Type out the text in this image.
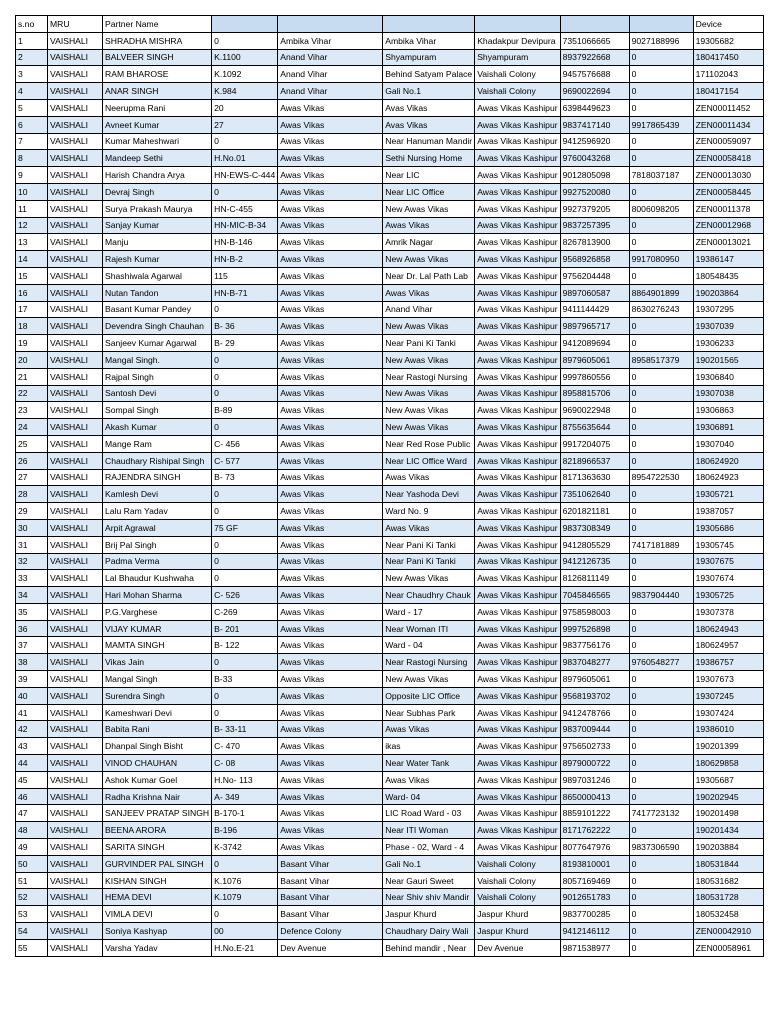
s.no	MRU	Partner Name							Device
1	VAISHALI	SHRADHA MISHRA	0	Ambika Vihar	Ambika Vihar	Khadakpur Devipura	7351066665	9027188996	19305682
2	VAISHALI	BALVEER SINGH	K.1100	Anand Vihar	Shyampuram	Shyampuram	8937922668	0	180417450
3	VAISHALI	RAM BHAROSE	K.1092	Anand Vihar	Behind Satyam Palace	Vaishali Colony	9457576688	0	171102043
4	VAISHALI	ANAR SINGH	K.984	Anand Vihar	Gali No.1	Vaishali Colony	9690022694	0	180417154
5	VAISHALI	Neerupma Rani	20	Awas Vikas	Avas Vikas	Awas Vikas Kashipur	6398449623	0	ZEN00011452
6	VAISHALI	Avneet Kumar	27	Awas Vikas	Avas Vikas	Awas Vikas Kashipur	9837417140	9917865439	ZEN00011434
7	VAISHALI	Kumar Maheshwari	0	Awas Vikas	Near Hanuman Mandir	Awas Vikas Kashipur	9412596920	0	ZEN00059097
8	VAISHALI	Mandeep Sethi	H.No.01	Awas Vikas	Sethi Nursing Home	Awas Vikas Kashipur	9760043268	0	ZEN00058418
9	VAISHALI	Harish Chandra Arya	HN-EWS-C-444	Awas Vikas	Near LIC	Awas Vikas Kashipur	9012805098	7818037187	ZEN00013030
10	VAISHALI	Devraj Singh	0	Awas Vikas	Near LIC Office	Awas Vikas Kashipur	9927520080	0	ZEN00058445
11	VAISHALI	Surya Prakash Maurya	HN-C-455	Awas Vikas	New Awas Vikas	Awas Vikas Kashipur	9927379205	8006098205	ZEN00011378
12	VAISHALI	Sanjay Kumar	HN-MIC-B-34	Awas Vikas	Awas Vikas	Awas Vikas Kashipur	9837257395	0	ZEN00012968
13	VAISHALI	Manju	HN-B-146	Awas Vikas	Amrik Nagar	Awas Vikas Kashipur	8267813900	0	ZEN00013021
14	VAISHALI	Rajesh Kumar	HN-B-2	Awas Vikas	New Awas Vikas	Awas Vikas Kashipur	9568926858	9917080950	19386147
15	VAISHALI	Shashiwala Agarwal	115	Awas Vikas	Near Dr. Lal Path Lab	Awas Vikas Kashipur	9756204448	0	180548435
16	VAISHALI	Nutan Tandon	HN-B-71	Awas Vikas	Awas Vikas	Awas Vikas Kashipur	9897060587	8864901899	190203864
17	VAISHALI	Basant Kumar Pandey	0	Awas Vikas	Anand Vihar	Awas Vikas Kashipur	9411144429	8630276243	19307295
18	VAISHALI	Devendra Singh Chauhan	B- 36	Awas Vikas	New Awas Vikas	Awas Vikas Kashipur	9897965717	0	19307039
19	VAISHALI	Sanjeev Kumar Agarwal	B- 29	Awas Vikas	Near Pani Ki Tanki	Awas Vikas Kashipur	9412089694	0	19306233
20	VAISHALI	Mangal Singh.	0	Awas Vikas	New Awas Vikas	Awas Vikas Kashipur	8979605061	8958517379	190201565
21	VAISHALI	Rajpal Singh	0	Awas Vikas	Near Rastogi Nursing	Awas Vikas Kashipur	9997860556	0	19306840
22	VAISHALI	Santosh Devi	0	Awas Vikas	New Awas Vikas	Awas Vikas Kashipur	8958815706	0	19307038
23	VAISHALI	Sompal Singh	B-89	Awas Vikas	New Awas Vikas	Awas Vikas Kashipur	9690022948	0	19306863
24	VAISHALI	Akash Kumar	0	Awas Vikas	New Awas Vikas	Awas Vikas Kashipur	8755635644	0	19306891
25	VAISHALI	Mange Ram	C- 456	Awas Vikas	Near Red Rose Public	Awas Vikas Kashipur	9917204075	0	19307040
26	VAISHALI	Chaudhary Rishipal Singh	C- 577	Awas Vikas	Near LIC Office Ward	Awas Vikas Kashipur	8218966537	0	180624920
27	VAISHALI	RAJENDRA SINGH	B- 73	Awas Vikas	Awas Vikas	Awas Vikas Kashipur	8171363630	8954722530	180624923
28	VAISHALI	Kamlesh Devi	0	Awas Vikas	Near Yashoda Devi	Awas Vikas Kashipur	7351062640	0	19305721
29	VAISHALI	Lalu Ram Yadav	0	Awas Vikas	Ward No. 9	Awas Vikas Kashipur	6201821181	0	19387057
30	VAISHALI	Arpit Agrawal	75 GF	Awas Vikas	Awas Vikas	Awas Vikas Kashipur	9837308349	0	19305686
31	VAISHALI	Brij Pal Singh	0	Awas Vikas	Near Pani Ki Tanki	Awas Vikas Kashipur	9412805529	7417181889	19305745
32	VAISHALI	Padma Verma	0	Awas Vikas	Near Pani Ki Tanki	Awas Vikas Kashipur	9412126735	0	19307675
33	VAISHALI	Lal Bhaudur Kushwaha	0	Awas Vikas	New Awas Vikas	Awas Vikas Kashipur	8126811149	0	19307674
34	VAISHALI	Hari Mohan Sharma	C- 526	Awas Vikas	Near Chaudhry Chauk	Awas Vikas Kashipur	7045846565	9837904440	19305725
35	VAISHALI	P.G.Varghese	C-269	Awas Vikas	Ward - 17	Awas Vikas Kashipur	9758598003	0	19307378
36	VAISHALI	VIJAY KUMAR	B- 201	Awas Vikas	Near Woman ITI	Awas Vikas Kashipur	9997526898	0	180624943
37	VAISHALI	MAMTA SINGH	B- 122	Awas Vikas	Ward - 04	Awas Vikas Kashipur	9837756176	0	180624957
38	VAISHALI	Vikas Jain	0	Awas Vikas	Near Rastogi Nursing	Awas Vikas Kashipur	9837048277	9760548277	19386757
39	VAISHALI	Mangal Singh	B-33	Awas Vikas	New Awas Vikas	Awas Vikas Kashipur	8979605061	0	19307673
40	VAISHALI	Surendra Singh	0	Awas Vikas	Opposite LIC Office	Awas Vikas Kashipur	9568193702	0	19307245
41	VAISHALI	Kameshwari Devi	0	Awas Vikas	Near Subhas Park	Awas Vikas Kashipur	9412478766	0	19307424
42	VAISHALI	Babita Rani	B- 33-11	Awas Vikas	Awas Vikas	Awas Vikas Kashipur	9837009444	0	19386010
43	VAISHALI	Dhanpal Singh Bisht	C- 470	Awas Vikas	ikas	Awas Vikas Kashipur	9756502733	0	190201399
44	VAISHALI	VINOD CHAUHAN	C- 08	Awas Vikas	Near Water Tank	Awas Vikas Kashipur	8979000722	0	180629858
45	VAISHALI	Ashok Kumar Goel	H.No- 113	Awas Vikas	Awas Vikas	Awas Vikas Kashipur	9897031246	0	19305687
46	VAISHALI	Radha Krishna Nair	A- 349	Awas Vikas	Ward- 04	Awas Vikas Kashipur	8650000413	0	190202945
47	VAISHALI	SANJEEV PRATAP SINGH	B-170-1	Awas Vikas	LIC Road Ward - 03	Awas Vikas Kashipur	8859101222	7417723132	190201498
48	VAISHALI	BEENA ARORA	B-196	Awas Vikas	Near ITI Woman	Awas Vikas Kashipur	8171762222	0	190201434
49	VAISHALI	SARITA SINGH	K-3742	Awas Vikas	Phase - 02, Ward - 4	Awas Vikas Kashipur	8077647976	9837306590	190203884
50	VAISHALI	GURVINDER PAL SINGH	0	Basant Vihar	Gali No.1	Vaishali Colony	8193810001	0	180531844
51	VAISHALI	KISHAN SINGH	K.1076	Basant Vihar	Near Gauri Sweet	Vaishali Colony	8057169469	0	180531682
52	VAISHALI	HEMA DEVI	K.1079	Basant Vihar	Near Shiv shiv Mandir	Vaishali Colony	9012651783	0	180531728
53	VAISHALI	VIMLA DEVI	0	Basant Vihar	Jaspur Khurd	Jaspur Khurd	9837700285	0	180532458
54	VAISHALI	Soniya Kashyap	00	Defence Colony	Chaudhary Dairy Wali	Jaspur Khurd	9412146112	0	ZEN00042910
55	VAISHALI	Varsha Yadav	H.No.E-21	Dev Avenue	Behind mandir , Near	Dev Avenue	9871538977	0	ZEN00058961
